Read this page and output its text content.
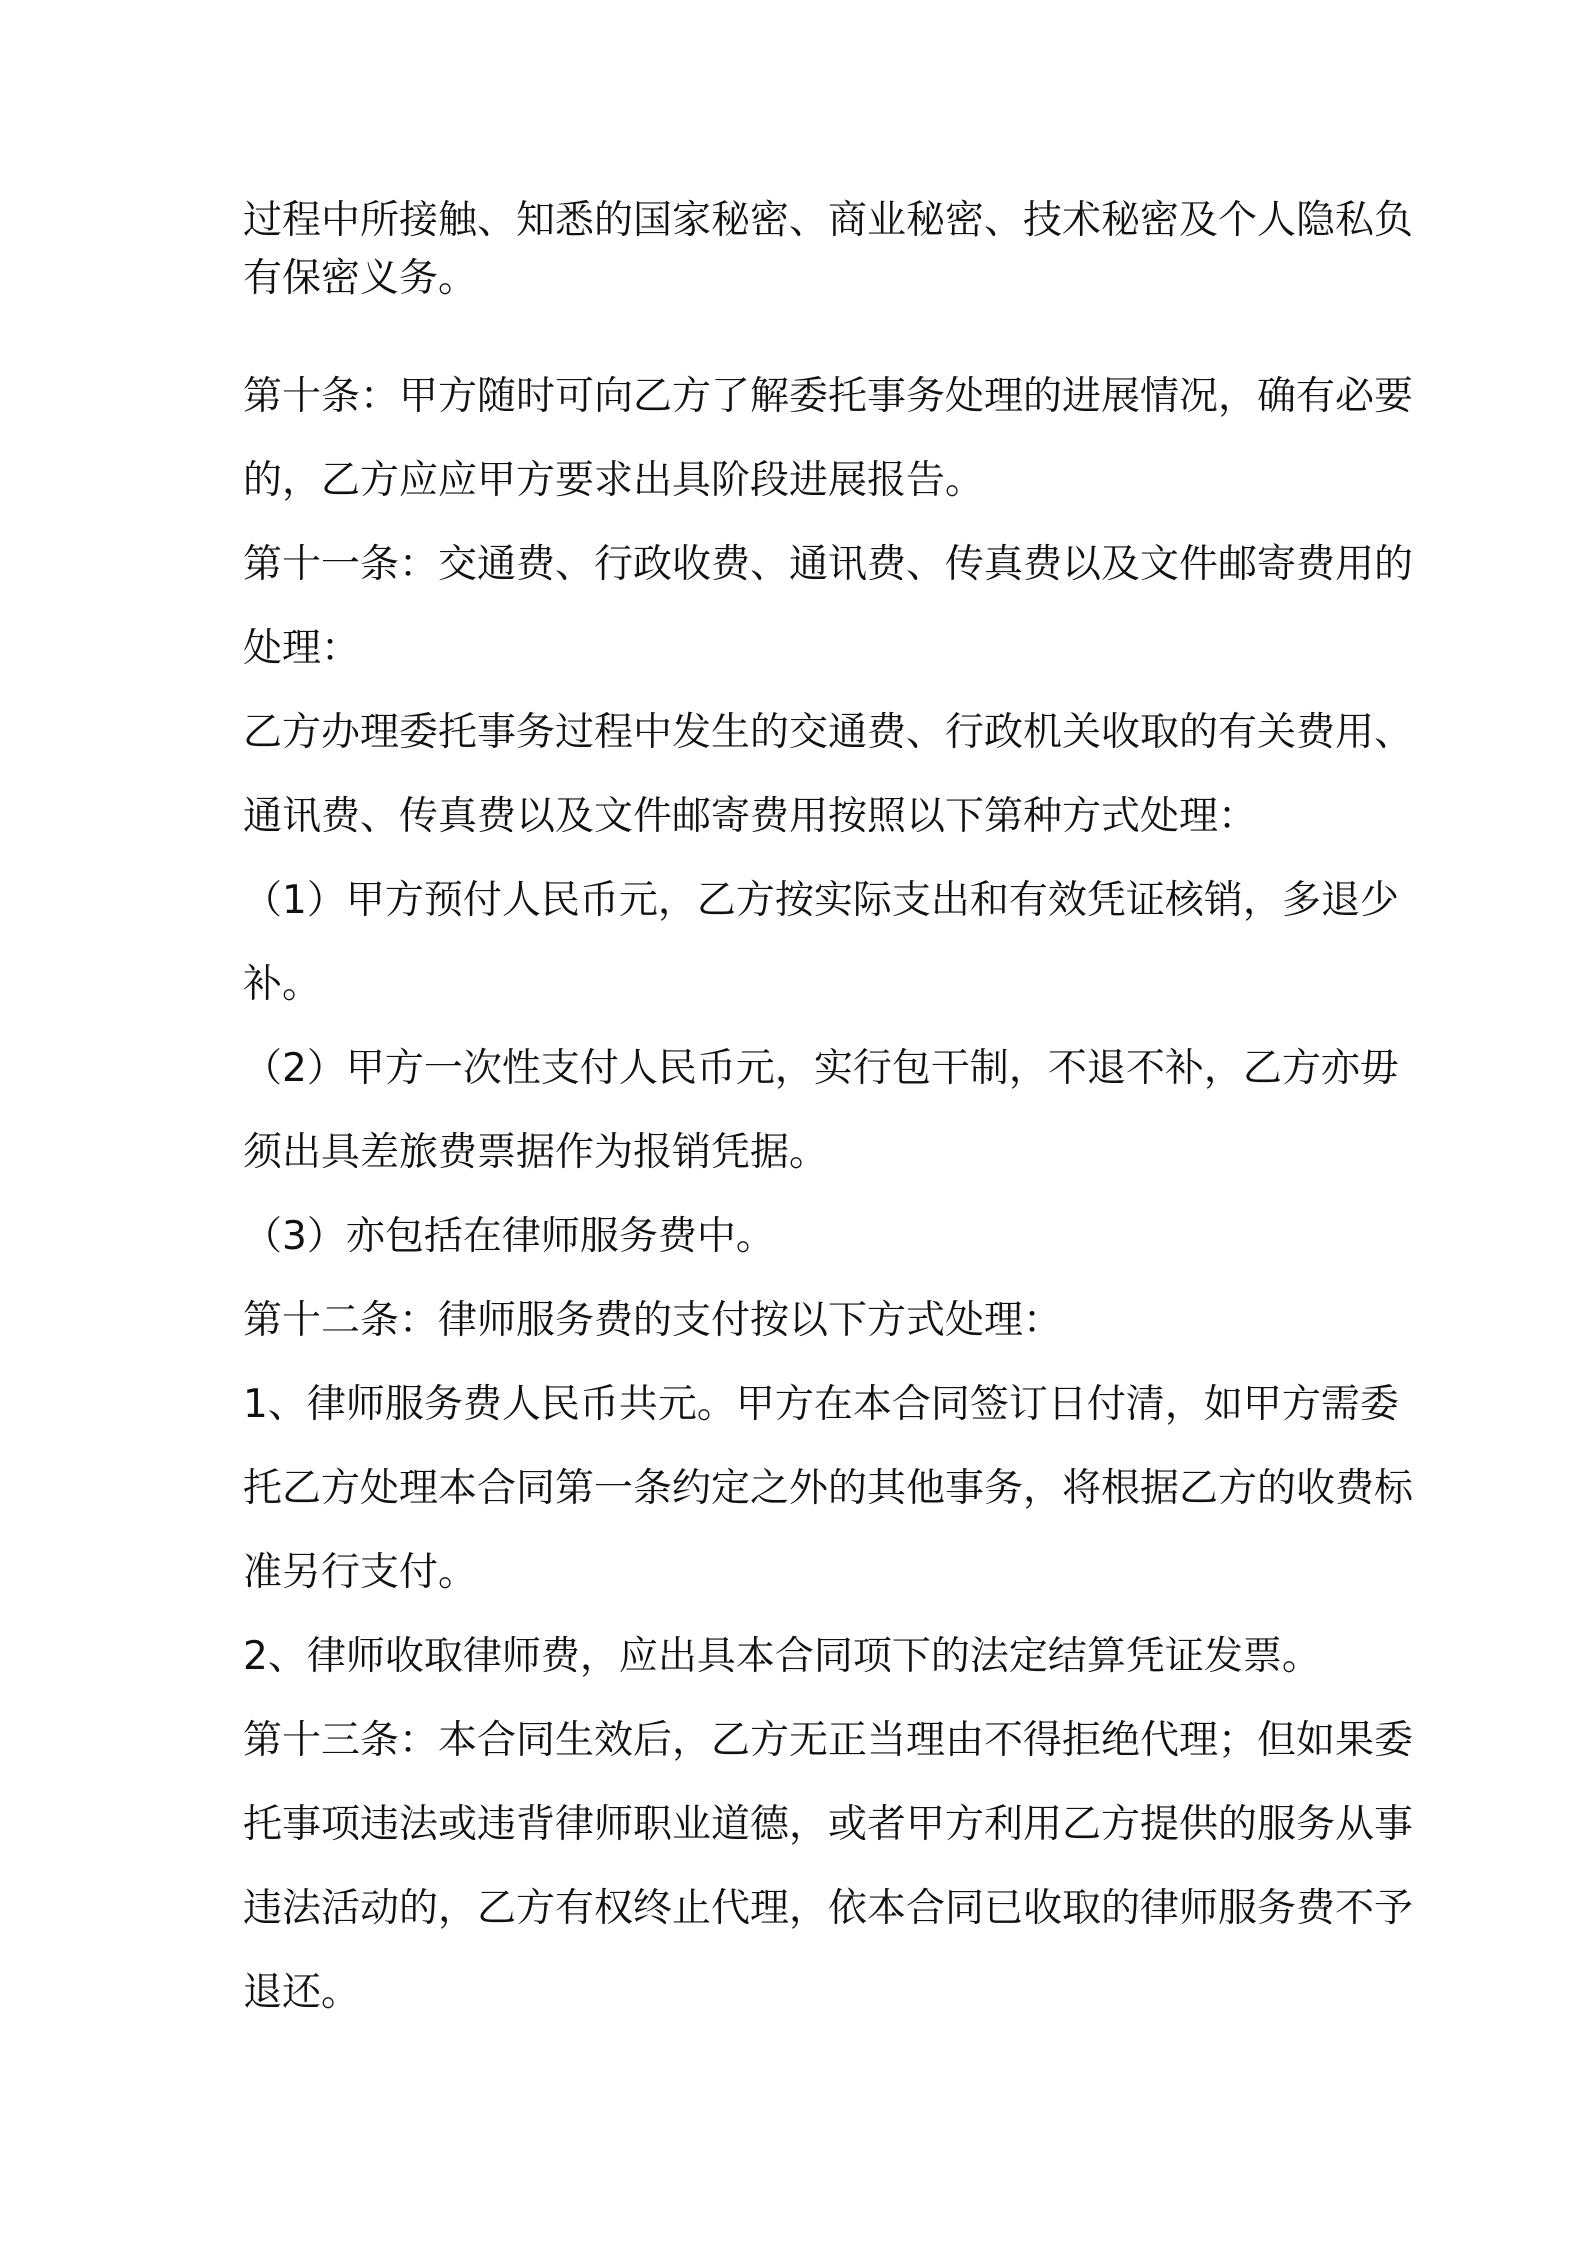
过程中所接触、知悉的国家秘密、商业秘密、技术秘密及个人隐私负

有保密义务。

第十条：甲方随时可向乙方了解委托事务处理的进展情况，确有必要

的，乙方应应甲方要求出具阶段进展报告。

第十一条：交通费、行政收费、通讯费、传真费以及文件邮寄费用的

处理：

乙方办理委托事务过程中发生的交通费、行政机关收取的有关费用、

通讯费、传真费以及文件邮寄费用按照以下第种方式处理：

（1）甲方预付人民币元，乙方按实际支出和有效凭证核销，多退少

补。

（2）甲方一次性支付人民币元，实行包干制，不退不补，乙方亦毋

须出具差旅费票据作为报销凭据。

（3）亦包括在律师服务费中。

第十二条：律师服务费的支付按以下方式处理：

1、律师服务费人民币共元。甲方在本合同签订日付清，如甲方需委

托乙方处理本合同第一条约定之外的其他事务，将根据乙方的收费标

准另行支付。

2、律师收取律师费，应出具本合同项下的法定结算凭证发票。

第十三条：本合同生效后，乙方无正当理由不得拒绝代理；但如果委

托事项违法或违背律师职业道德，或者甲方利用乙方提供的服务从事

违法活动的，乙方有权终止代理，依本合同已收取的律师服务费不予

退还。
